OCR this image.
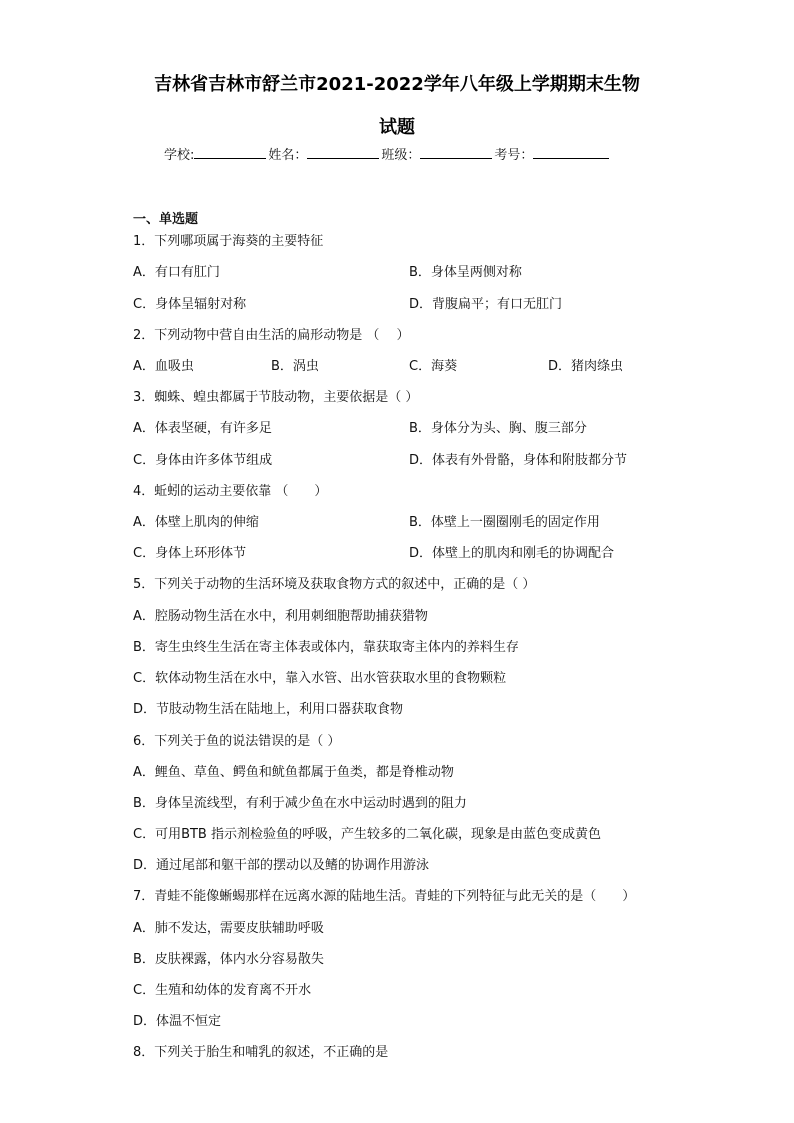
吉林省吉林市舒兰市2021-2022学年八年级上学期期末生物
试题
学校:	姓名：	班级：	考号：
一、单选题
1．下列哪项属于海葵的主要特征
A．有口有肛门	B．身体呈两侧对称
C．身体呈辐射对称	D．背腹扁平；有口无肛门
2．下列动物中营自由生活的扁形动物是 （　 ）
A．血吸虫	B．涡虫	C．海葵	D．猪肉绦虫
3．蜘蛛、蝗虫都属于节肢动物，主要依据是（ ）
A．体表坚硬，有许多足	B．身体分为头、胸、腹三部分
C．身体由许多体节组成	D．体表有外骨骼，身体和附肢都分节
4．蚯蚓的运动主要依靠 （　　）
A．体壁上肌肉的伸缩	B．体壁上一圈圈刚毛的固定作用
C．身体上环形体节	D．体壁上的肌肉和刚毛的协调配合
5．下列关于动物的生活环境及获取食物方式的叙述中，正确的是（ ）
A．腔肠动物生活在水中，利用刺细胞帮助捕获猎物
B．寄生虫终生生活在寄主体表或体内，靠获取寄主体内的养料生存
C．软体动物生活在水中，靠入水管、出水管获取水里的食物颗粒
D．节肢动物生活在陆地上，利用口器获取食物
6．下列关于鱼的说法错误的是（ ）
A．鲤鱼、草鱼、鳄鱼和鱿鱼都属于鱼类，都是脊椎动物
B．身体呈流线型，有利于减少鱼在水中运动时遇到的阻力
C．可用BTB 指示剂检验鱼的呼吸，产生较多的二氧化碳，现象是由蓝色变成黄色
D．通过尾部和躯干部的摆动以及鳍的协调作用游泳
7．青蛙不能像蜥蜴那样在远离水源的陆地生活。青蛙的下列特征与此无关的是（　　）
A．肺不发达，需要皮肤辅助呼吸
B．皮肤裸露，体内水分容易散失
C．生殖和幼体的发育离不开水
D．体温不恒定
8．下列关于胎生和哺乳的叙述，不正确的是
